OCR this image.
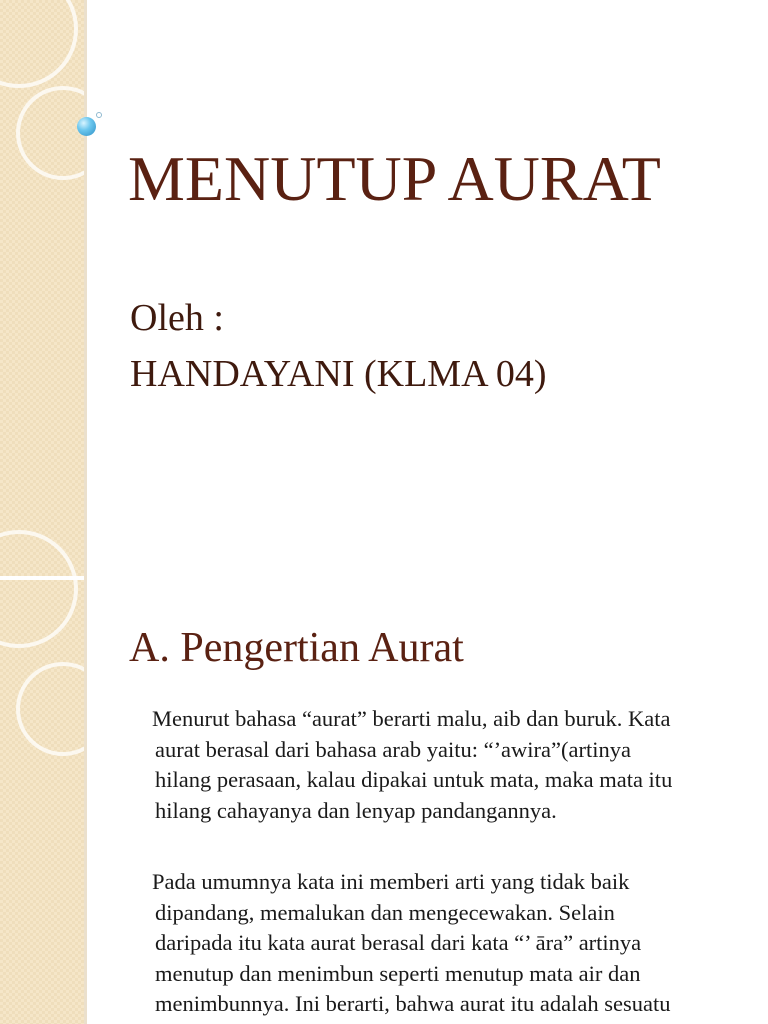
MENUTUP AURAT

Oleh :

HANDAYANI (KLMA 04)

A. Pengertian Aurat

Menurut bahasa “aurat” berarti malu, aib dan buruk. Kata
aurat berasal dari bahasa arab yaitu: “’awira”(artinya
hilang perasaan, kalau dipakai untuk mata, maka mata itu
hilang cahayanya dan lenyap pandangannya.

Pada umumnya kata ini memberi arti yang tidak baik
dipandang, memalukan dan mengecewakan. Selain
daripada itu kata aurat berasal dari kata “’ āra” artinya
menutup dan menimbun seperti menutup mata air dan
menimbunnya. Ini berarti, bahwa aurat itu adalah sesuatu
